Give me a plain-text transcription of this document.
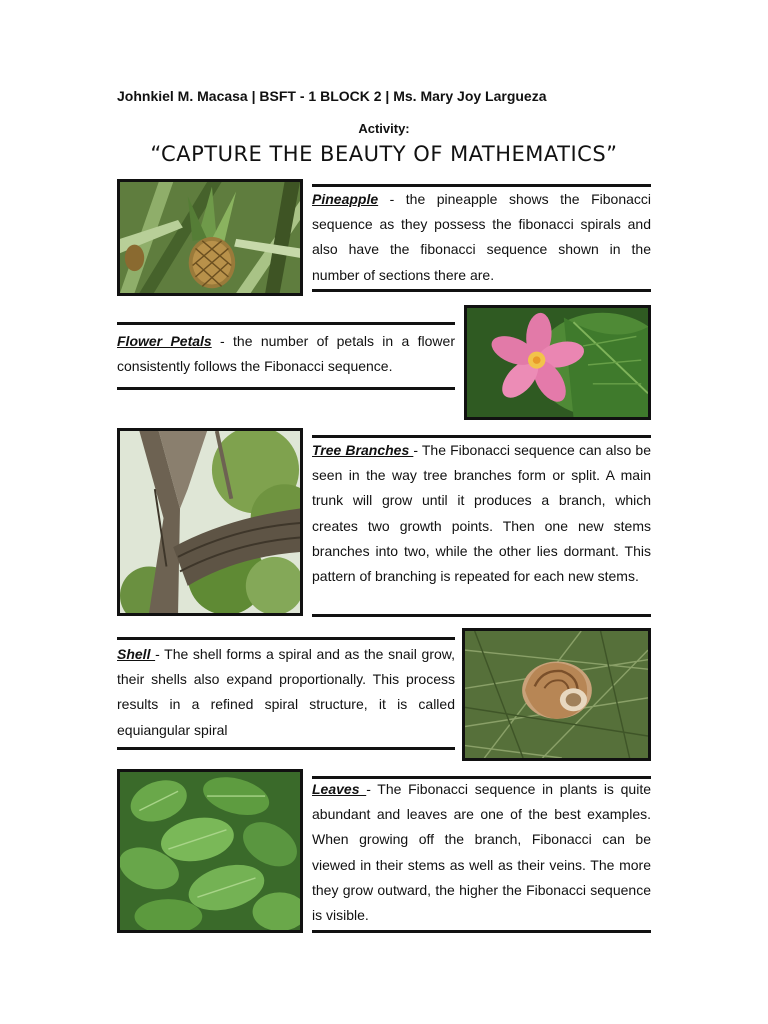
Johnkiel M. Macasa | BSFT - 1 BLOCK 2 | Ms. Mary Joy Largueza
Activity:
“CAPTURE THE BEAUTY OF MATHEMATICS”

Pineapple - the pineapple shows the Fibonacci sequence as they possess the fibonacci spirals and also have the fibonacci sequence shown in the number of sections there are.

Flower Petals - the number of petals in a flower consistently follows the Fibonacci sequence.

Tree Branches - The Fibonacci sequence can also be seen in the way tree branches form or split. A main trunk will grow until it produces a branch, which creates two growth points. Then one new stems branches into two, while the other lies dormant. This pattern of branching is repeated for each new stems.

Shell - The shell forms a spiral and as the snail grow, their shells also expand proportionally. This process results in a refined spiral structure, it is called equiangular spiral

Leaves - The Fibonacci sequence in plants is quite abundant and leaves are one of the best examples. When growing off the branch, Fibonacci can be viewed in their stems as well as their veins. The more they grow outward, the higher the Fibonacci sequence is visible.
